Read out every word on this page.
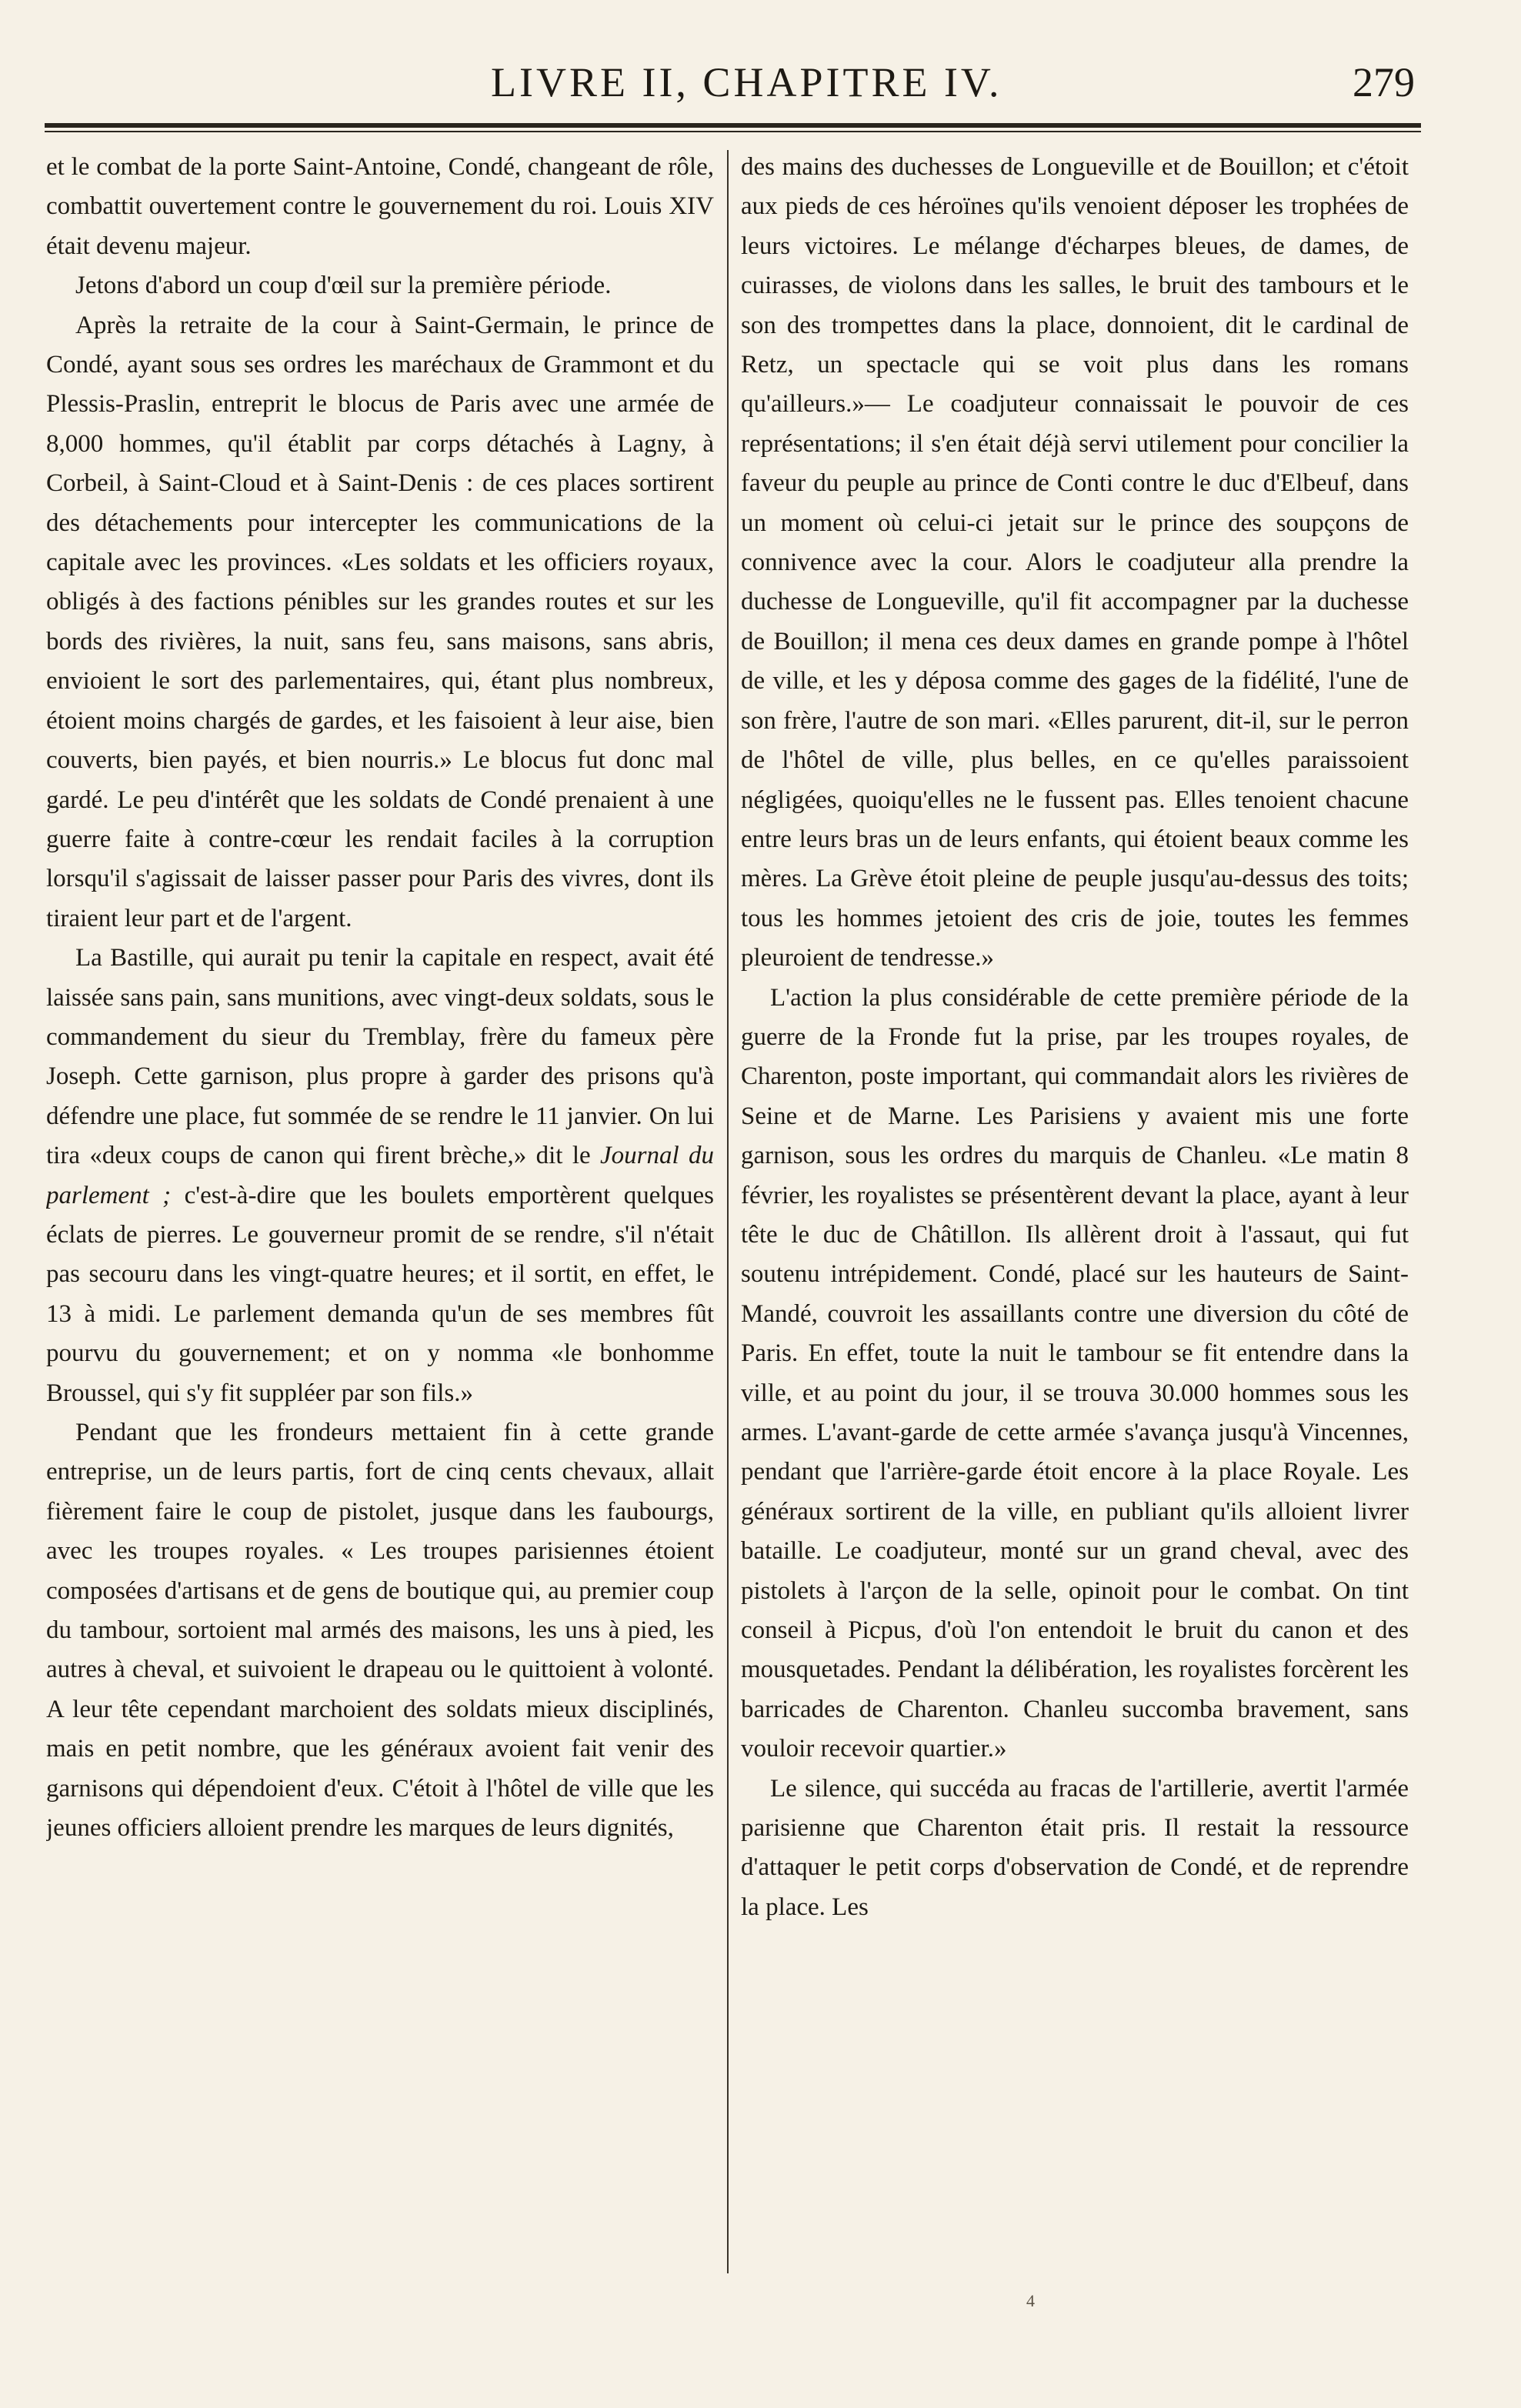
LIVRE II, CHAPITRE IV.	279

et le combat de la porte Saint-Antoine, Condé, changeant de rôle, combattit ouvertement contre le gouvernement du roi. Louis XIV était devenu majeur.

Jetons d'abord un coup d'œil sur la première période.

Après la retraite de la cour à Saint-Germain, le prince de Condé, ayant sous ses ordres les maréchaux de Grammont et du Plessis-Praslin, entreprit le blocus de Paris avec une armée de 8,000 hommes, qu'il établit par corps détachés à Lagny, à Corbeil, à Saint-Cloud et à Saint-Denis : de ces places sortirent des détachements pour intercepter les communications de la capitale avec les provinces. «Les soldats et les officiers royaux, obligés à des factions pénibles sur les grandes routes et sur les bords des rivières, la nuit, sans feu, sans maisons, sans abris, envioient le sort des parlementaires, qui, étant plus nombreux, étoient moins chargés de gardes, et les faisoient à leur aise, bien couverts, bien payés, et bien nourris.» Le blocus fut donc mal gardé. Le peu d'intérêt que les soldats de Condé prenaient à une guerre faite à contre-cœur les rendait faciles à la corruption lorsqu'il s'agissait de laisser passer pour Paris des vivres, dont ils tiraient leur part et de l'argent.

La Bastille, qui aurait pu tenir la capitale en respect, avait été laissée sans pain, sans munitions, avec vingt-deux soldats, sous le commandement du sieur du Tremblay, frère du fameux père Joseph. Cette garnison, plus propre à garder des prisons qu'à défendre une place, fut sommée de se rendre le 11 janvier. On lui tira «deux coups de canon qui firent brèche,» dit le Journal du parlement ; c'est-à-dire que les boulets emportèrent quelques éclats de pierres. Le gouverneur promit de se rendre, s'il n'était pas secouru dans les vingt-quatre heures; et il sortit, en effet, le 13 à midi. Le parlement demanda qu'un de ses membres fût pourvu du gouvernement; et on y nomma «le bonhomme Broussel, qui s'y fit suppléer par son fils.»

Pendant que les frondeurs mettaient fin à cette grande entreprise, un de leurs partis, fort de cinq cents chevaux, allait fièrement faire le coup de pistolet, jusque dans les faubourgs, avec les troupes royales. « Les troupes parisiennes étoient composées d'artisans et de gens de boutique qui, au premier coup du tambour, sortoient mal armés des maisons, les uns à pied, les autres à cheval, et suivoient le drapeau ou le quittoient à volonté. A leur tête cependant marchoient des soldats mieux disciplinés, mais en petit nombre, que les généraux avoient fait venir des garnisons qui dépendoient d'eux. C'étoit à l'hôtel de ville que les jeunes officiers alloient prendre les marques de leurs dignités,

des mains des duchesses de Longueville et de Bouillon; et c'étoit aux pieds de ces héroïnes qu'ils venoient déposer les trophées de leurs victoires. Le mélange d'écharpes bleues, de dames, de cuirasses, de violons dans les salles, le bruit des tambours et le son des trompettes dans la place, donnoient, dit le cardinal de Retz, un spectacle qui se voit plus dans les romans qu'ailleurs.»— Le coadjuteur connaissait le pouvoir de ces représentations; il s'en était déjà servi utilement pour concilier la faveur du peuple au prince de Conti contre le duc d'Elbeuf, dans un moment où celui-ci jetait sur le prince des soupçons de connivence avec la cour. Alors le coadjuteur alla prendre la duchesse de Longueville, qu'il fit accompagner par la duchesse de Bouillon; il mena ces deux dames en grande pompe à l'hôtel de ville, et les y déposa comme des gages de la fidélité, l'une de son frère, l'autre de son mari. «Elles parurent, dit-il, sur le perron de l'hôtel de ville, plus belles, en ce qu'elles paraissoient négligées, quoiqu'elles ne le fussent pas. Elles tenoient chacune entre leurs bras un de leurs enfants, qui étoient beaux comme les mères. La Grève étoit pleine de peuple jusqu'au-dessus des toits; tous les hommes jetoient des cris de joie, toutes les femmes pleuroient de tendresse.»

L'action la plus considérable de cette première période de la guerre de la Fronde fut la prise, par les troupes royales, de Charenton, poste important, qui commandait alors les rivières de Seine et de Marne. Les Parisiens y avaient mis une forte garnison, sous les ordres du marquis de Chanleu. «Le matin 8 février, les royalistes se présentèrent devant la place, ayant à leur tête le duc de Châtillon. Ils allèrent droit à l'assaut, qui fut soutenu intrépidement. Condé, placé sur les hauteurs de Saint-Mandé, couvroit les assaillants contre une diversion du côté de Paris. En effet, toute la nuit le tambour se fit entendre dans la ville, et au point du jour, il se trouva 30.000 hommes sous les armes. L'avant-garde de cette armée s'avança jusqu'à Vincennes, pendant que l'arrière-garde étoit encore à la place Royale. Les généraux sortirent de la ville, en publiant qu'ils alloient livrer bataille. Le coadjuteur, monté sur un grand cheval, avec des pistolets à l'arçon de la selle, opinoit pour le combat. On tint conseil à Picpus, d'où l'on entendoit le bruit du canon et des mousquetades. Pendant la délibération, les royalistes forcèrent les barricades de Charenton. Chanleu succomba bravement, sans vouloir recevoir quartier.»

Le silence, qui succéda au fracas de l'artillerie, avertit l'armée parisienne que Charenton était pris. Il restait la ressource d'attaquer le petit corps d'observation de Condé, et de reprendre la place. Les

4
